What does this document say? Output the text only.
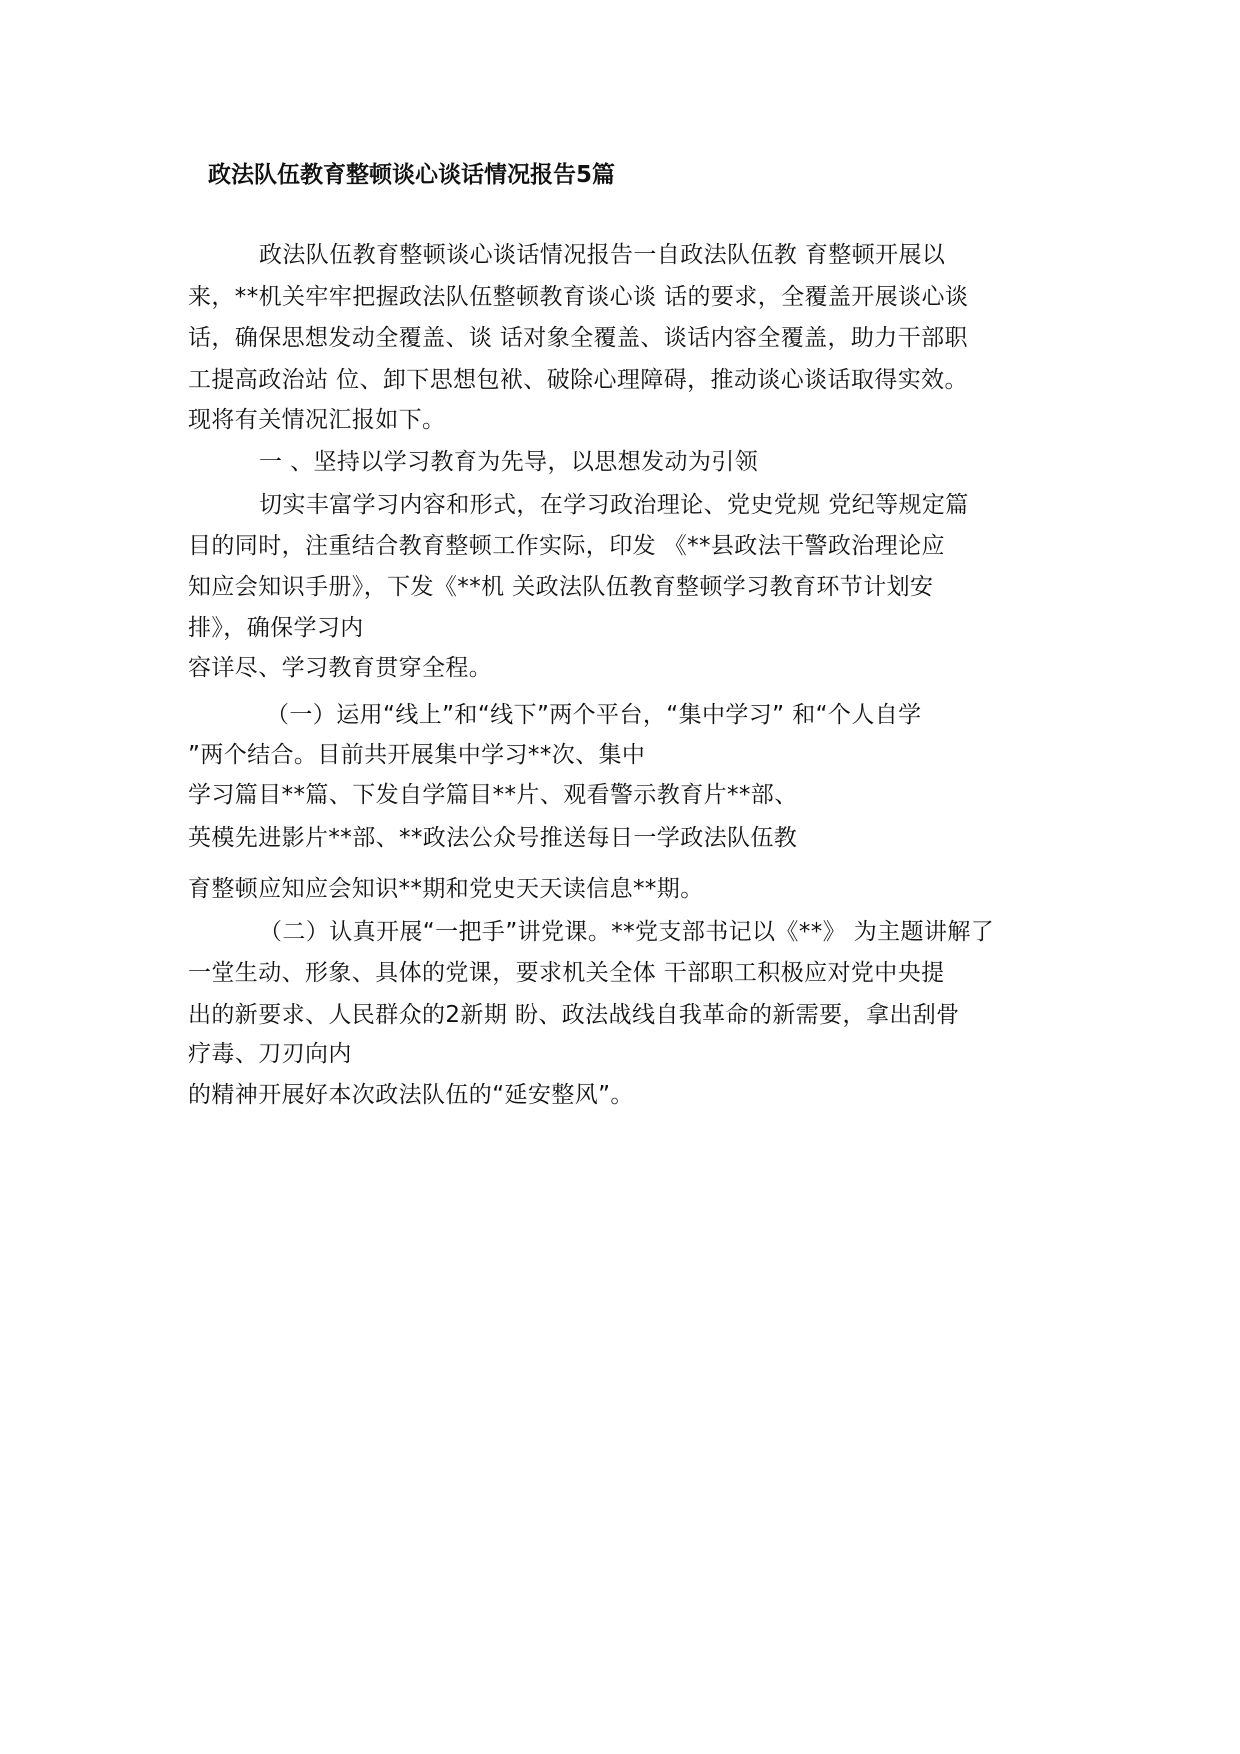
政法队伍教育整顿谈心谈话情况报告5篇
政法队伍教育整顿谈心谈话情况报告一自政法队伍教 育整顿开展以
来，**机关牢牢把握政法队伍整顿教育谈心谈 话的要求，全覆盖开展谈心谈
话，确保思想发动全覆盖、谈 话对象全覆盖、谈话内容全覆盖，助力干部职
工提高政治站 位、卸下思想包袱、破除心理障碍，推动谈心谈话取得实效。
现将有关情况汇报如下。
一 、坚持以学习教育为先导，以思想发动为引领
切实丰富学习内容和形式，在学习政治理论、党史党规 党纪等规定篇
目的同时，注重结合教育整顿工作实际，印发 《**县政法干警政治理论应
知应会知识手册》，下发《**机 关政法队伍教育整顿学习教育环节计划安
排》，确保学习内
容详尽、学习教育贯穿全程。
（一）运用“线上”和“线下”两个平台，“集中学习” 和“个人自学
”两个结合。目前共开展集中学习**次、集中
学习篇目**篇、下发自学篇目**片、观看警示教育片**部、
英模先进影片**部、**政法公众号推送每日一学政法队伍教
育整顿应知应会知识**期和党史天天读信息**期。
（二）认真开展“一把手”讲党课。**党支部书记以《**》 为主题讲解了
一堂生动、形象、具体的党课，要求机关全体 干部职工积极应对党中央提
出的新要求、人民群众的2新期 盼、政法战线自我革命的新需要，拿出刮骨
疗毒、刀刃向内
的精神开展好本次政法队伍的“延安整风”。
